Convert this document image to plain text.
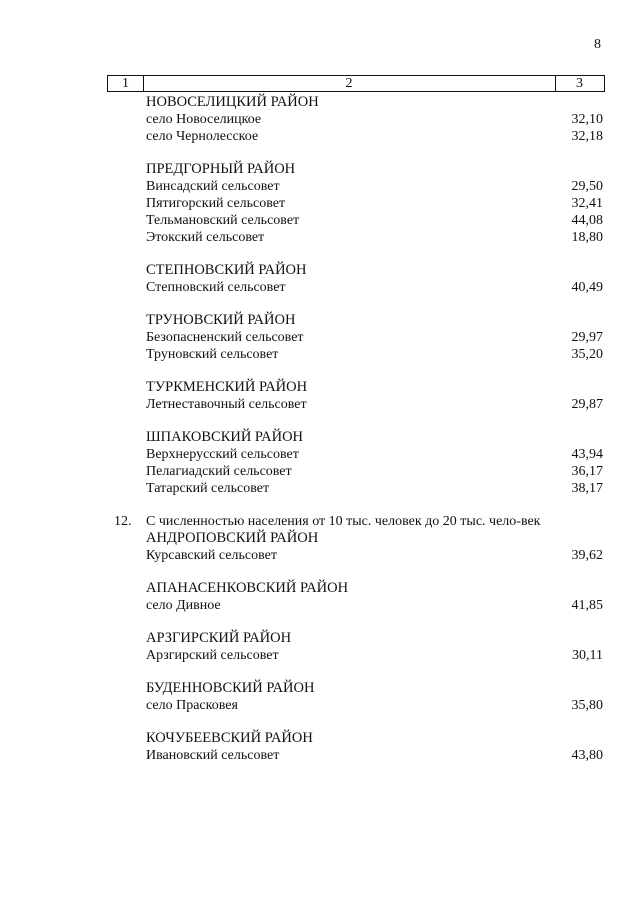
8
1	2	3
НОВОСЕЛИЦКИЙ РАЙОН
село Новоселицкое	32,10
село Чернолесское	32,18
ПРЕДГОРНЫЙ РАЙОН
Винсадский сельсовет	29,50
Пятигорский сельсовет	32,41
Тельмановский сельсовет	44,08
Этокский сельсовет	18,80
СТЕПНОВСКИЙ РАЙОН
Степновский сельсовет	40,49
ТРУНОВСКИЙ РАЙОН
Безопасненский сельсовет	29,97
Труновский сельсовет	35,20
ТУРКМЕНСКИЙ РАЙОН
Летнеставочный сельсовет	29,87
ШПАКОВСКИЙ РАЙОН
Верхнерусский сельсовет	43,94
Пелагиадский сельсовет	36,17
Татарский сельсовет	38,17
12. С численностью населения от 10 тыс. человек до 20 тыс. чело-век
АНДРОПОВСКИЙ РАЙОН
Курсавский сельсовет	39,62
АПАНАСЕНКОВСКИЙ РАЙОН
село Дивное	41,85
АРЗГИРСКИЙ РАЙОН
Арзгирский сельсовет	30,11
БУДЕННОВСКИЙ РАЙОН
село Прасковея	35,80
КОЧУБЕЕВСКИЙ РАЙОН
Ивановский сельсовет	43,80
